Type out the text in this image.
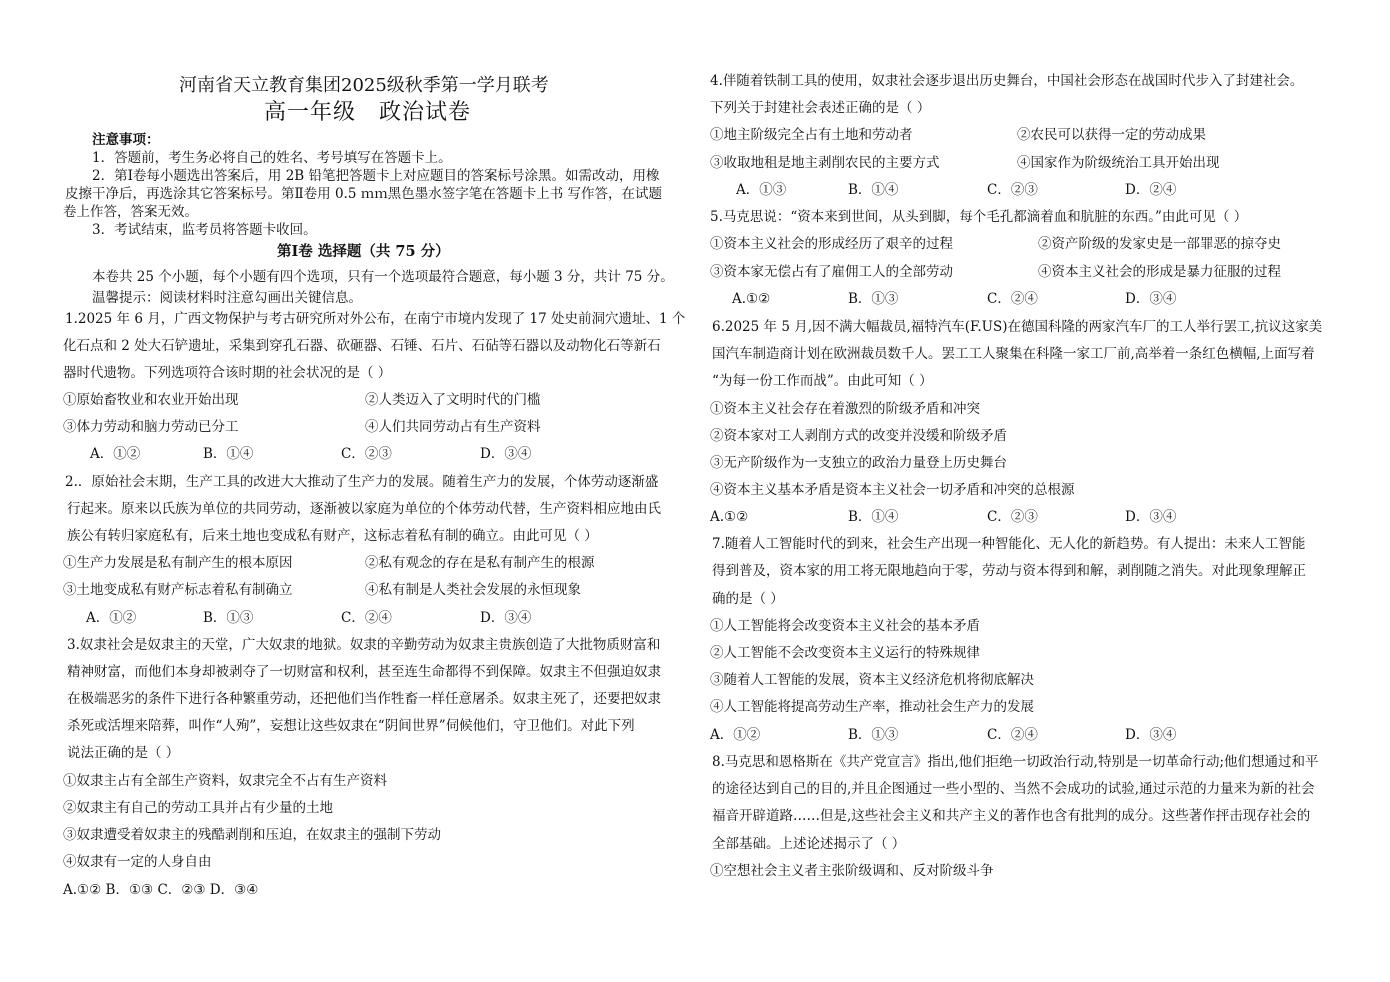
河南省天立教育集团2025级秋季第一学月联考
高一年级　政治试卷
注意事项：
1．答题前，考生务必将自己的姓名、考号填写在答题卡上。
2．第Ⅰ卷每小题选出答案后，用 2B 铅笔把答题卡上对应题目的答案标号涂黑。如需改动，用橡
皮擦干净后，再选涂其它答案标号。第Ⅱ卷用 0.5 ｍｍ黑色墨水签字笔在答题卡上书 写作答，在试题
卷上作答，答案无效。
3．考试结束，监考员将答题卡收回。
第Ⅰ卷 选择题（共 75 分）
本卷共 25 个小题，每个小题有四个选项，只有一个选项最符合题意，每小题 3 分，共计 75 分。
温馨提示：阅读材料时注意勾画出关键信息。
1.2025 年 6 月，广西文物保护与考古研究所对外公布，在南宁市境内发现了 17 处史前洞穴遗址、1 个
化石点和 2 处大石铲遗址，采集到穿孔石器、砍砸器、石锤、石片、石砧等石器以及动物化石等新石
器时代遗物。下列选项符合该时期的社会状况的是（ ）
①原始畜牧业和农业开始出现	②人类迈入了文明时代的门槛
③体力劳动和脑力劳动已分工	④人们共同劳动占有生产资料
A．①②	B．①④	C．②③	D．③④
2.．原始社会末期，生产工具的改进大大推动了生产力的发展。随着生产力的发展，个体劳动逐渐盛
行起来。原来以氏族为单位的共同劳动，逐渐被以家庭为单位的个体劳动代替，生产资料相应地由氏
族公有转归家庭私有，后来土地也变成私有财产，这标志着私有制的确立。由此可见（ ）
①生产力发展是私有制产生的根本原因	②私有观念的存在是私有制产生的根源
③土地变成私有财产标志着私有制确立	④私有制是人类社会发展的永恒现象
A．①②	B．①③	C．②④	D．③④
3.奴隶社会是奴隶主的天堂，广大奴隶的地狱。奴隶的辛勤劳动为奴隶主贵族创造了大批物质财富和
精神财富，而他们本身却被剥夺了一切财富和权利，甚至连生命都得不到保障。奴隶主不但强迫奴隶
在极端恶劣的条件下进行各种繁重劳动，还把他们当作牲畜一样任意屠杀。奴隶主死了，还要把奴隶
杀死或活埋来陪葬，叫作“人殉”，妄想让这些奴隶在“阴间世界”伺候他们，守卫他们。对此下列
说法正确的是（ ）
①奴隶主占有全部生产资料，奴隶完全不占有生产资料
②奴隶主有自己的劳动工具并占有少量的土地
③奴隶遭受着奴隶主的残酷剥削和压迫，在奴隶主的强制下劳动
④奴隶有一定的人身自由
A.①② B．①③ C．②③ D．③④
4.伴随着铁制工具的使用，奴隶社会逐步退出历史舞台，中国社会形态在战国时代步入了封建社会。
下列关于封建社会表述正确的是（ ）
①地主阶级完全占有土地和劳动者	②农民可以获得一定的劳动成果
③收取地租是地主剥削农民的主要方式	④国家作为阶级统治工具开始出现
A．①③	B．①④	C．②③	D．②④
5.马克思说：“资本来到世间，从头到脚，每个毛孔都滴着血和肮脏的东西。”由此可见（ ）
①资本主义社会的形成经历了艰辛的过程	②资产阶级的发家史是一部罪恶的掠夺史
③资本家无偿占有了雇佣工人的全部劳动	④资本主义社会的形成是暴力征服的过程
A.①②	B．①③	C．②④	D．③④
6.2025 年 5 月,因不满大幅裁员,福特汽车(F.US)在德国科隆的两家汽车厂的工人举行罢工,抗议这家美
国汽车制造商计划在欧洲裁员数千人。罢工工人聚集在科隆一家工厂前,高举着一条红色横幅,上面写着
“为每一份工作而战”。由此可知（ ）
①资本主义社会存在着激烈的阶级矛盾和冲突
②资本家对工人剥削方式的改变并没缓和阶级矛盾
③无产阶级作为一支独立的政治力量登上历史舞台
④资本主义基本矛盾是资本主义社会一切矛盾和冲突的总根源
A.①②	B．①④	C．②③	D．③④
7.随着人工智能时代的到来，社会生产出现一种智能化、无人化的新趋势。有人提出：未来人工智能
得到普及，资本家的用工将无限地趋向于零，劳动与资本得到和解，剥削随之消失。对此现象理解正
确的是（ ）
①人工智能将会改变资本主义社会的基本矛盾
②人工智能不会改变资本主义运行的特殊规律
③随着人工智能的发展，资本主义经济危机将彻底解决
④人工智能将提高劳动生产率，推动社会生产力的发展
A．①②	B．①③	C．②④	D．③④
8.马克思和恩格斯在《共产党宣言》指出,他们拒绝一切政治行动,特别是一切革命行动;他们想通过和平
的途径达到自己的目的,并且企图通过一些小型的、当然不会成功的试验,通过示范的力量来为新的社会
福音开辟道路……但是,这些社会主义和共产主义的著作也含有批判的成分。这些著作抨击现存社会的
全部基础。上述论述揭示了（ ）
①空想社会主义者主张阶级调和、反对阶级斗争
